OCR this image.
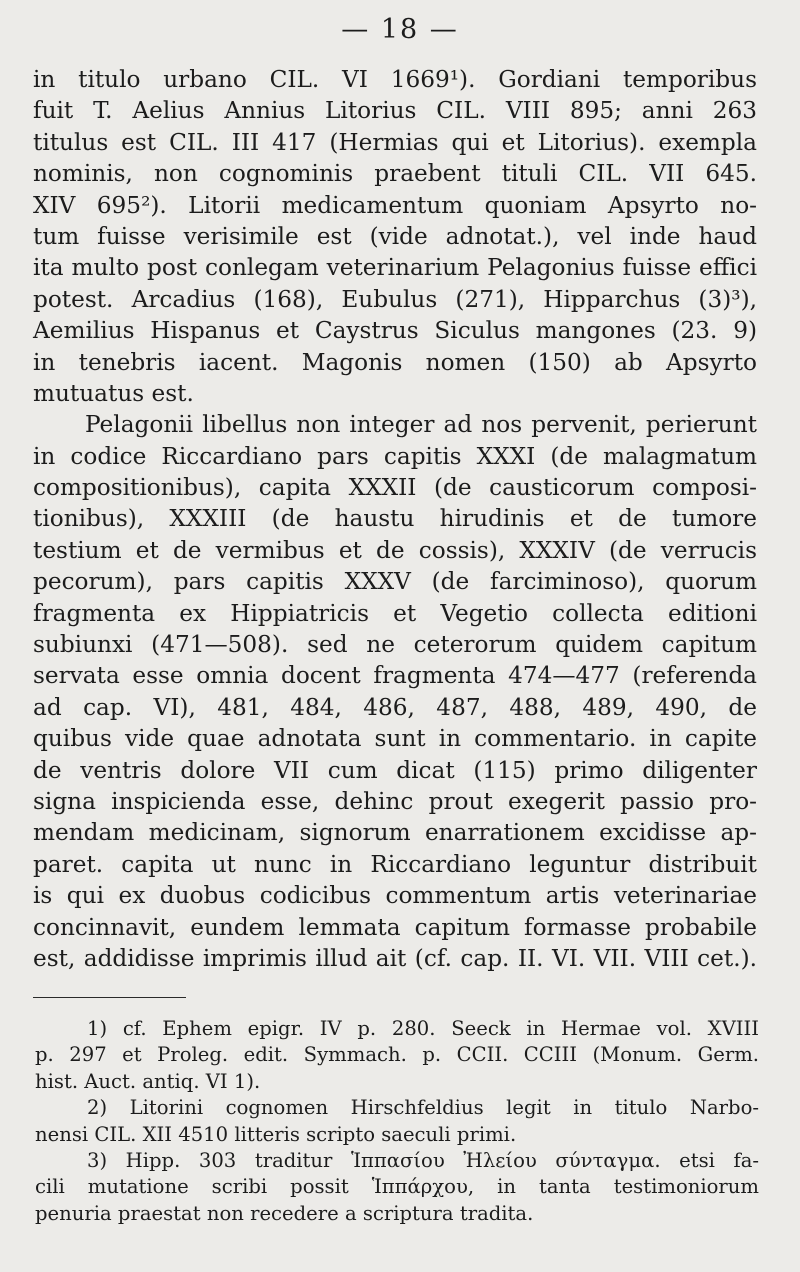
— 18 —
in titulo urbano CIL. VI 1669¹). Gordiani temporibus
fuit T. Aelius Annius Litorius CIL. VIII 895; anni 263
titulus est CIL. III 417 (Hermias qui et Litorius). exempla
nominis, non cognominis praebent tituli CIL. VII 645.
XIV 695²). Litorii medicamentum quoniam Apsyrto no-
tum fuisse verisimile est (vide adnotat.), vel inde haud
ita multo post conlegam veterinarium Pelagonius fuisse effici
potest. Arcadius (168), Eubulus (271), Hipparchus (3)³),
Aemilius Hispanus et Caystrus Siculus mangones (23. 9)
in tenebris iacent. Magonis nomen (150) ab Apsyrto
mutuatus est.
Pelagonii libellus non integer ad nos pervenit, perierunt
in codice Riccardiano pars capitis XXXI (de malagmatum
compositionibus), capita XXXII (de causticorum composi-
tionibus), XXXIII (de haustu hirudinis et de tumore
testium et de vermibus et de cossis), XXXIV (de verrucis
pecorum), pars capitis XXXV (de farciminoso), quorum
fragmenta ex Hippiatricis et Vegetio collecta editioni
subiunxi (471—508). sed ne ceterorum quidem capitum
servata esse omnia docent fragmenta 474—477 (referenda
ad cap. VI), 481, 484, 486, 487, 488, 489, 490, de
quibus vide quae adnotata sunt in commentario. in capite
de ventris dolore VII cum dicat (115) primo diligenter
signa inspicienda esse, dehinc prout exegerit passio pro-
mendam medicinam, signorum enarrationem excidisse ap-
paret. capita ut nunc in Riccardiano leguntur distribuit
is qui ex duobus codicibus commentum artis veterinariae
concinnavit, eundem lemmata capitum formasse probabile
est, addidisse imprimis illud ait (cf. cap. II. VI. VII. VIII cet.).
1) cf. Ephem epigr. IV p. 280. Seeck in Hermae vol. XVIII
p. 297 et Proleg. edit. Symmach. p. CCII. CCIII (Monum. Germ.
hist. Auct. antiq. VI 1).
2) Litorini cognomen Hirschfeldius legit in titulo Narbo-
nensi CIL. XII 4510 litteris scripto saeculi primi.
3) Hipp. 303 traditur Ἱππασίου Ἠλείου σύνταγμα. etsi fa-
cili mutatione scribi possit Ἱππάρχου, in tanta testimoniorum
penuria praestat non recedere a scriptura tradita.
